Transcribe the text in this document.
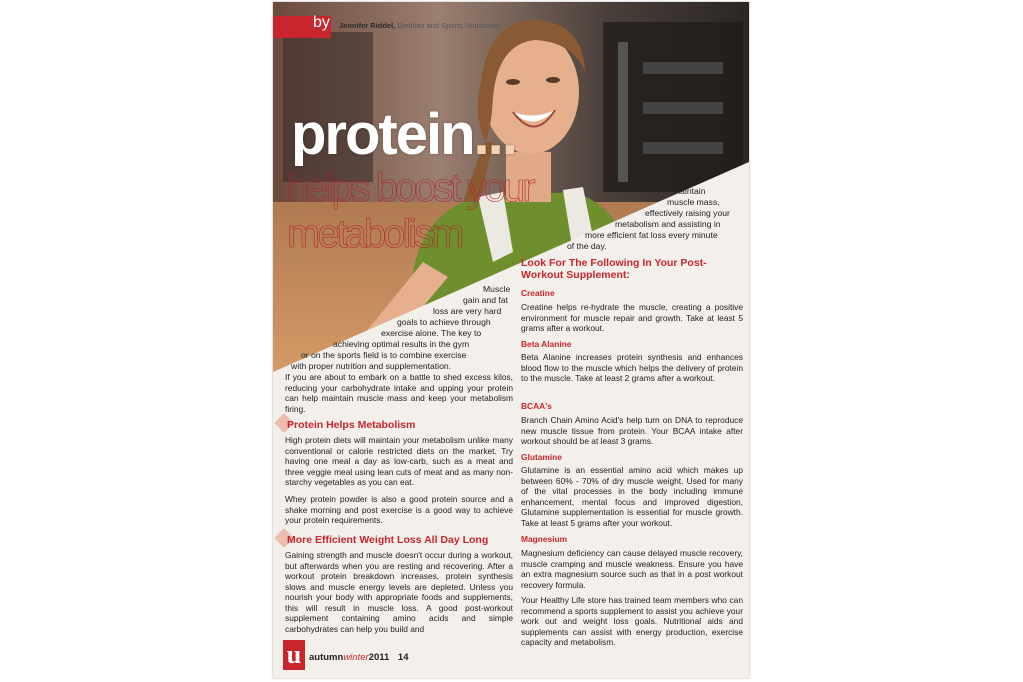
by Jennifer Riddel, Dietitian and Sports Nutritionist
protein...
helps boost your
metabolism
maintain
muscle mass,
effectively raising your
metabolism and assisting in
more efficient fat loss every minute
of the day.
Look For The Following In Your Post-Workout Supplement:
Muscle
gain and fat
loss are very hard
goals to achieve through
exercise alone. The key to
achieving optimal results in the gym
or on the sports field is to combine exercise
with proper nutrition and supplementation.
If you are about to embark on a battle to shed excess kilos, reducing your carbohydrate intake and upping your protein can help maintain muscle mass and keep your metabolism firing.
Protein Helps Metabolism
High protein diets will maintain your metabolism unlike many conventional or calorie restricted diets on the market. Try having one meal a day as low-carb, such as a meat and three veggie meal using lean cuts of meat and as many non-starchy vegetables as you can eat.
Whey protein powder is also a good protein source and a shake morning and post exercise is a good way to achieve your protein requirements.
More Efficient Weight Loss All Day Long
Gaining strength and muscle doesn't occur during a workout, but afterwards when you are resting and recovering. After a workout protein breakdown increases, protein synthesis slows and muscle energy levels are depleted. Unless you nourish your body with appropriate foods and supplements, this will result in muscle loss. A good post-workout supplement containing amino acids and simple carbohydrates can help you build and
Creatine
Creatine helps re-hydrate the muscle, creating a positive environment for muscle repair and growth. Take at least 5 grams after a workout.
Beta Alanine
Beta Alanine increases protein synthesis and enhances blood flow to the muscle which helps the delivery of protein to the muscle. Take at least 2 grams after a workout.
BCAA's
Branch Chain Amino Acid's help turn on DNA to reproduce new muscle tissue from protein. Your BCAA intake after workout should be at least 3 grams.
Glutamine
Glutamine is an essential amino acid which makes up between 60% - 70% of dry muscle weight. Used for many of the vital processes in the body including immune enhancement, mental focus and improved digestion, Glutamine supplementation is essential for muscle growth. Take at least 5 grams after your workout.
Magnesium
Magnesium deficiency can cause delayed muscle recovery, muscle cramping and muscle weakness. Ensure you have an extra magnesium source such as that in a post workout recovery formula.
Your Healthy Life store has trained team members who can recommend a sports supplement to assist you achieve your work out and weight loss goals. Nutritional aids and supplements can assist with energy production, exercise capacity and metabolism.
u autumnwinter2011 14
